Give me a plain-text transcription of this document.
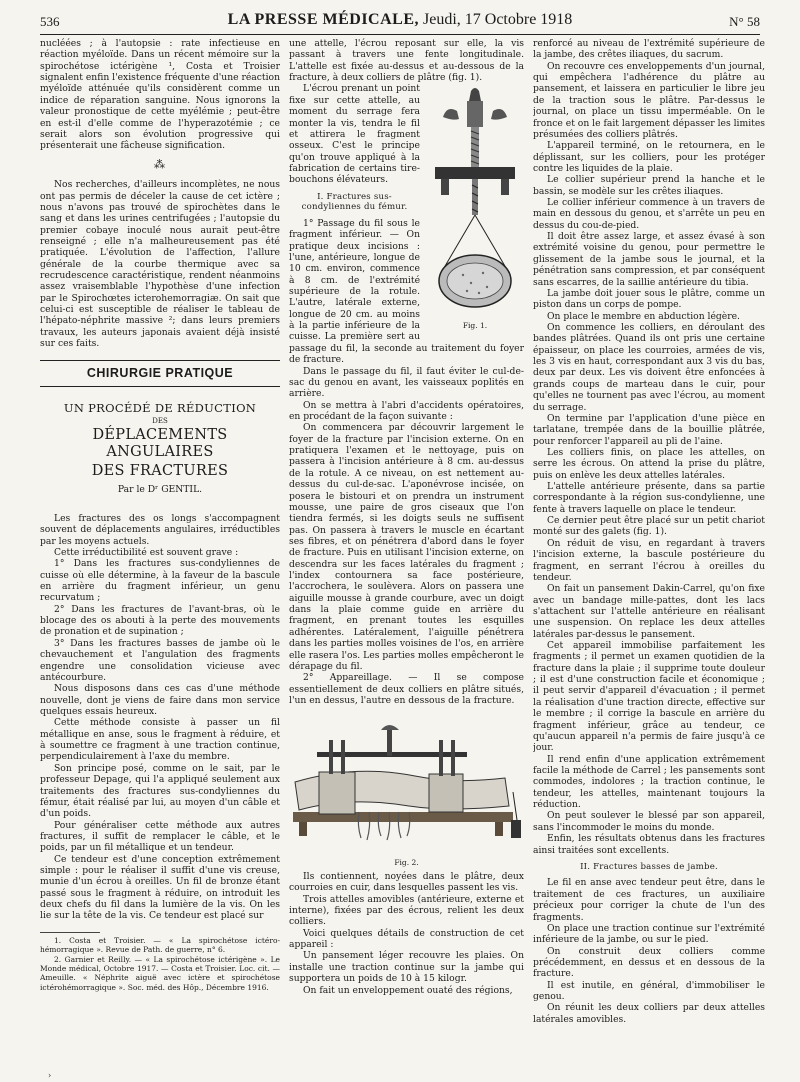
536	LA PRESSE MÉDICALE, Jeudi, 17 Octobre 1918	N° 58

nucléées ; à l'autopsie : rate infectieuse en réaction myéloïde. Dans un récent mémoire sur la spirochétose ictérigène ¹, Costa et Troisier signalent enfin l'existence fréquente d'une réaction myéloïde atténuée qu'ils considèrent comme un indice de réparation sanguine. Nous ignorons la valeur pronostique de cette myélémie ; peut-être en est-il d'elle comme de l'hyperazotémie ; ce serait alors son évolution progressive qui présenterait une fâcheuse signification.

⁂

Nos recherches, d'ailleurs incomplètes, ne nous ont pas permis de déceler la cause de cet ictère ; nous n'avons pas trouvé de spirochètes dans le sang et dans les urines centrifugées ; l'autopsie du premier cobaye inoculé nous aurait peut-être renseigné ; elle n'a malheureusement pas été pratiquée. L'évolution de l'affection, l'allure générale de la courbe thermique avec sa recrudescence caractéristique, rendent néanmoins assez vraisemblable l'hypothèse d'une infection par le Spirochœtes icterohemorragiæ. On sait que celui-ci est susceptible de réaliser le tableau de l'hépato-néphrite massive ²; dans leurs premiers travaux, les auteurs japonais avaient déjà insisté sur ces faits.

CHIRURGIE PRATIQUE
UN PROCÉDÉ DE RÉDUCTION
DES
DÉPLACEMENTS ANGULAIRES
DES FRACTURES
Par le Dʳ GENTIL.

Les fractures des os longs s'accompagnent souvent de déplacements angulaires, irréductibles par les moyens actuels.

Cette irréductibilité est souvent grave :

1° Dans les fractures sus-condyliennes de cuisse où elle détermine, à la faveur de la bascule en arrière du fragment inférieur, un genu recurvatum ;

2° Dans les fractures de l'avant-bras, où le blocage des os abouti à la perte des mouvements de pronation et de supination ;

3° Dans les fractures basses de jambe où le chevauchement et l'angulation des fragments engendre une consolidation vicieuse avec antécourbure.

Nous disposons dans ces cas d'une méthode nouvelle, dont je viens de faire dans mon service quelques essais heureux.

Cette méthode consiste à passer un fil métallique en anse, sous le fragment à réduire, et à soumettre ce fragment à une traction continue, perpendiculairement à l'axe du membre.

Son principe posé, comme on le sait, par le professeur Depage, qui l'a appliqué seulement aux traitements des fractures sus-condyliennes du fémur, était réalisé par lui, au moyen d'un câble et d'un poids.

Pour généraliser cette méthode aux autres fractures, il suffit de remplacer le câble, et le poids, par un fil métallique et un tendeur.

Ce tendeur est d'une conception extrêmement simple : pour le réaliser il suffit d'une vis creuse, munie d'un écrou à oreilles. Un fil de bronze étant passé sous le fragment à réduire, on introduit les deux chefs du fil dans la lumière de la vis. On les lie sur la tête de la vis. Ce tendeur est placé sur

1. Costa et Troisier. — « La spirochétose ictéro-hémorragique ». Revue de Path. de guerre, n° 6.

2. Garnier et Reilly. — « La spirochétose ictérigène ». Le Monde médical, Octobre 1917. — Costa et Troisier. Loc. cit. — Ameuille. « Néphrite aiguë avec ictère et spirochétose ictérohémorragique ». Soc. méd. des Hôp., Décembre 1916.

une attelle, l'écrou reposant sur elle, la vis passant à travers une fente longitudinale. L'attelle est fixée au-dessus et au-dessous de la fracture, à deux colliers de plâtre (fig. 1).

Fig. 1.

L'écrou prenant un point fixe sur cette attelle, au moment du serrage fera monter la vis, tendra le fil et attirera le fragment osseux. C'est le principe qu'on trouve appliqué à la fabrication de certains tire-bouchons élévateurs.

I. Fractures sus-condyliennes du fémur.

1° Passage du fil sous le fragment inférieur. — On pratique deux incisions : l'une, antérieure, longue de 10 cm. environ, commence à 8 cm. de l'extrémité supérieure de la rotule. L'autre, latérale externe, longue de 20 cm. au moins à la partie inférieure de la cuisse. La première sert au passage du fil, la seconde au traitement du foyer de fracture.

Dans le passage du fil, il faut éviter le cul-de-sac du genou en avant, les vaisseaux poplités en arrière.

On se mettra à l'abri d'accidents opératoires, en procédant de la façon suivante :

On commencera par découvrir largement le foyer de la fracture par l'incision externe. On en pratiquera l'examen et le nettoyage, puis on passera à l'incision antérieure à 8 cm. au-dessus de la rotule. A ce niveau, on est nettement au-dessus du cul-de-sac. L'aponévrose incisée, on posera le bistouri et on prendra un instrument mousse, une paire de gros ciseaux que l'on tiendra fermés, si les doigts seuls ne suffisent pas. On passera à travers le muscle en écartant ses fibres, et on pénétrera d'abord dans le foyer de fracture. Puis en utilisant l'incision externe, on descendra sur les faces latérales du fragment ; l'index contournera sa face postérieure, l'accrochera, le soulèvera. Alors on passera une aiguille mousse à grande courbure, avec un doigt dans la plaie comme guide en arrière du fragment, en prenant toutes les esquilles adhérentes. Latéralement, l'aiguille pénétrera dans les parties molles voisines de l'os, en arrière elle rasera l'os. Les parties molles empêcheront le dérapage du fil.

2° Appareillage. — Il se compose essentiellement de deux colliers en plâtre situés, l'un en dessus, l'autre en dessous de la fracture.

Fig. 2.

Ils contiennent, noyées dans le plâtre, deux courroies en cuir, dans lesquelles passent les vis.

Trois attelles amovibles (antérieure, externe et interne), fixées par des écrous, relient les deux colliers.

Voici quelques détails de construction de cet appareil :

Un pansement léger recouvre les plaies. On installe une traction continue sur la jambe qui supportera un poids de 10 à 15 kilogr.

On fait un enveloppement ouaté des régions,

renforcé au niveau de l'extrémité supérieure de la jambe, des crêtes iliaques, du sacrum.

On recouvre ces enveloppements d'un journal, qui empêchera l'adhérence du plâtre au pansement, et laissera en particulier le libre jeu de la traction sous le plâtre. Par-dessus le journal, on place un tissu imperméable. On le fronce et on le fait largement dépasser les limites présumées des colliers plâtrés.

L'appareil terminé, on le retournera, en le déplissant, sur les colliers, pour les protéger contre les liquides de la plaie.

Le collier supérieur prend la hanche et le bassin, se modèle sur les crêtes iliaques.

Le collier inférieur commence à un travers de main en dessous du genou, et s'arrête un peu en dessus du cou-de-pied.

Il doit être assez large, et assez évasé à son extrémité voisine du genou, pour permettre le glissement de la jambe sous le journal, et la pénétration sans compression, et par conséquent sans escarres, de la saillie antérieure du tibia.

La jambe doit jouer sous le plâtre, comme un piston dans un corps de pompe.

On place le membre en abduction légère.

On commence les colliers, en déroulant des bandes plâtrées. Quand ils ont pris une certaine épaisseur, on place les courroies, armées de vis, les 3 vis en haut, correspondant aux 3 vis du bas, deux par deux. Les vis doivent être enfoncées à grands coups de marteau dans le cuir, pour qu'elles ne tournent pas avec l'écrou, au moment du serrage.

On termine par l'application d'une pièce en tarlatane, trempée dans de la bouillie plâtrée, pour renforcer l'appareil au pli de l'aine.

Les colliers finis, on place les attelles, on serre les écrous. On attend la prise du plâtre, puis on enlève les deux attelles latérales.

L'attelle antérieure présente, dans sa partie correspondante à la région sus-condylienne, une fente à travers laquelle on place le tendeur.

Ce dernier peut être placé sur un petit chariot monté sur des galets (fig. 1).

On réduit de visu, en regardant à travers l'incision externe, la bascule postérieure du fragment, en serrant l'écrou à oreilles du tendeur.

On fait un pansement Dakin-Carrel, qu'on fixe avec un bandage mille-pattes, dont les lacs s'attachent sur l'attelle antérieure en réalisant une suspension. On replace les deux attelles latérales par-dessus le pansement.

Cet appareil immobilise parfaitement les fragments ; il permet un examen quotidien de la fracture dans la plaie ; il supprime toute douleur ; il est d'une construction facile et économique ; il peut servir d'appareil d'évacuation ; il permet la réalisation d'une traction directe, effective sur le membre ; il corrige la bascule en arrière du fragment inférieur, grâce au tendeur, ce qu'aucun appareil n'a permis de faire jusqu'à ce jour.

Il rend enfin d'une application extrêmement facile la méthode de Carrel ; les pansements sont commodes, indolores ; la traction continue, le tendeur, les attelles, maintenant toujours la réduction.

On peut soulever le blessé par son appareil, sans l'incommoder le moins du monde.

Enfin, les résultats obtenus dans les fractures ainsi traitées sont excellents.

II. Fractures basses de jambe.

Le fil en anse avec tendeur peut être, dans le traitement de ces fractures, un auxiliaire précieux pour corriger la chute de l'un des fragments.

On place une traction continue sur l'extrémité inférieure de la jambe, ou sur le pied.

On construit deux colliers comme précédemment, en dessus et en dessous de la fracture.

Il est inutile, en général, d'immobiliser le genou.

On réunit les deux colliers par deux attelles latérales amovibles.

›
